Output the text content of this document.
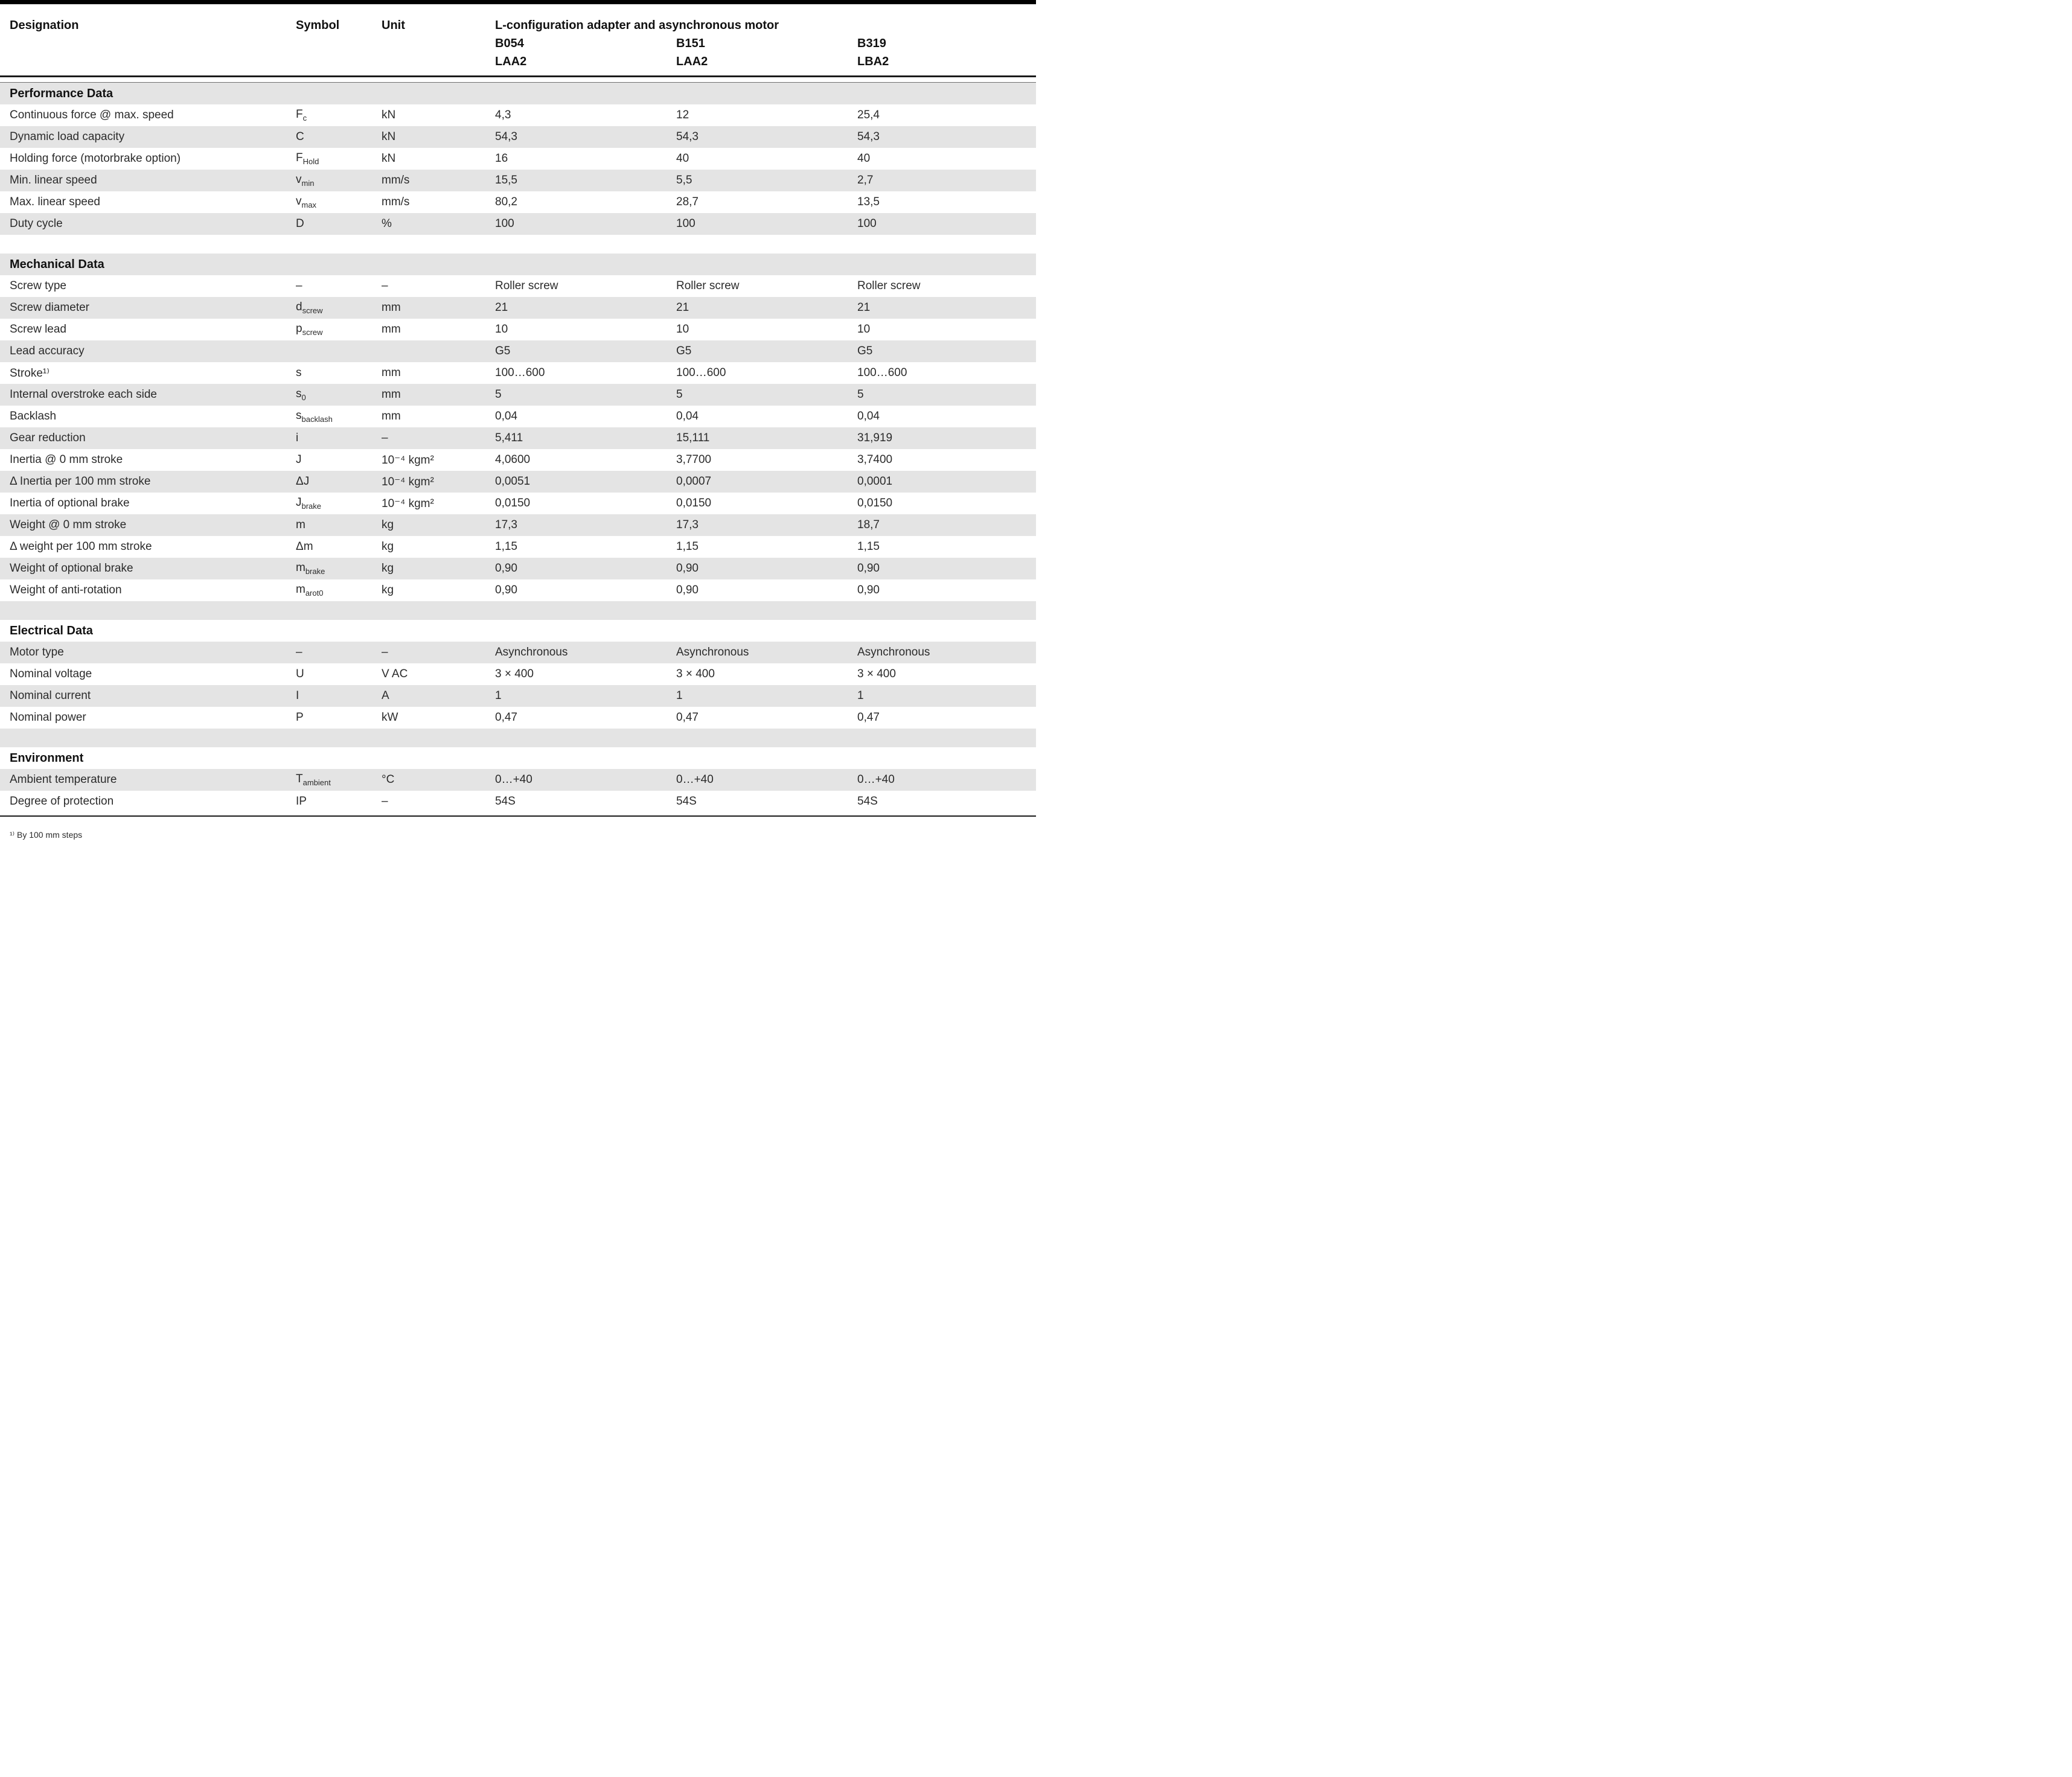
Designation	Symbol	Unit	L-configuration adapter and asynchronous motor		
			B054	B151	B319
			LAA2	LAA2	LBA2

Performance Data					
Continuous force @ max. speed	$F_c$	kN	4,3	12	25,4
Dynamic load capacity	C	kN	54,3	54,3	54,3
Holding force (motorbrake option)	$F_{Hold}$	kN	16	40	40
Min. linear speed	$v_{min}$	mm/s	15,5	5,5	2,7
Max. linear speed	$v_{max}$	mm/s	80,2	28,7	13,5
Duty cycle	D	%	100	100	100

Mechanical Data					
Screw type	–	–	Roller screw	Roller screw	Roller screw
Screw diameter	$d_{screw}$	mm	21	21	21
Screw lead	$p_{screw}$	mm	10	10	10
Lead accuracy			G5	G5	G5
Stroke¹⁾	s	mm	100…600	100…600	100…600
Internal overstroke each side	$s_0$	mm	5	5	5
Backlash	$s_{backlash}$	mm	0,04	0,04	0,04
Gear reduction	i	–	5,411	15,111	31,919
Inertia @ 0 mm stroke	J	10⁻⁴ kgm²	4,0600	3,7700	3,7400
Δ Inertia per 100 mm stroke	ΔJ	10⁻⁴ kgm²	0,0051	0,0007	0,0001
Inertia of optional brake	$J_{brake}$	10⁻⁴ kgm²	0,0150	0,0150	0,0150
Weight @ 0 mm stroke	m	kg	17,3	17,3	18,7
Δ weight per 100 mm stroke	Δm	kg	1,15	1,15	1,15
Weight of optional brake	$m_{brake}$	kg	0,90	0,90	0,90
Weight of anti-rotation	$m_{arot0}$	kg	0,90	0,90	0,90

Electrical Data					
Motor type	–	–	Asynchronous	Asynchronous	Asynchronous
Nominal voltage	U	V AC	3 × 400	3 × 400	3 × 400
Nominal current	I	A	1	1	1
Nominal power	P	kW	0,47	0,47	0,47

Environment					
Ambient temperature	$T_{ambient}$	°C	0…+40	0…+40	0…+40
Degree of protection	IP	–	54S	54S	54S

¹⁾ By 100 mm steps
